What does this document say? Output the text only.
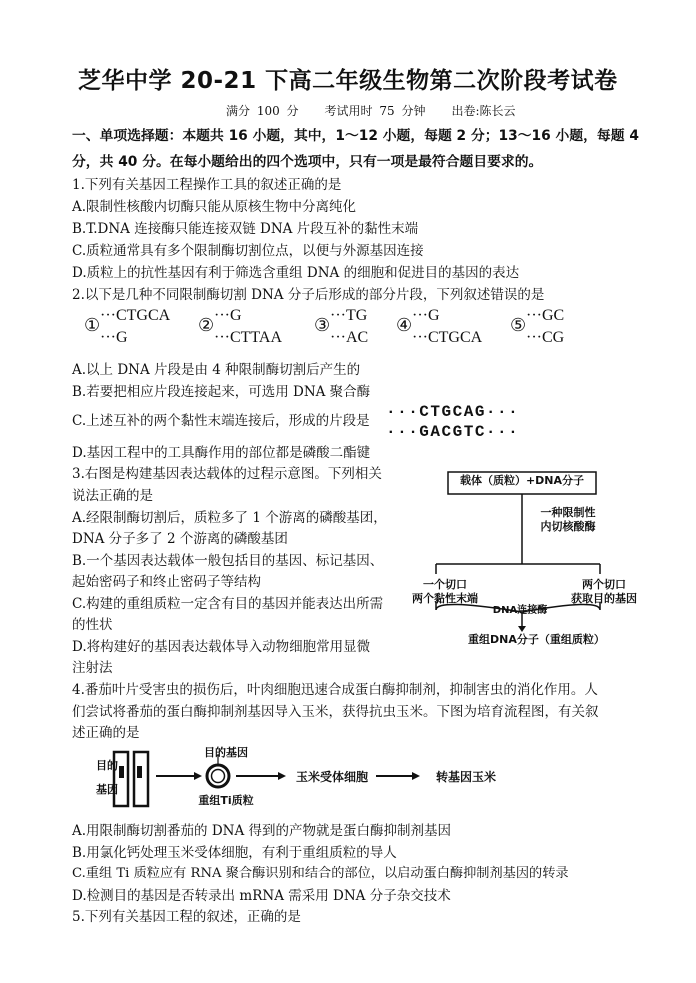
芝华中学 20-21 下高二年级生物第二次阶段考试卷
满分 100 分 考试用时 75 分钟 出卷:陈长云
一、单项选择题：本题共 16 小题，其中，1～12 小题，每题 2 分；13～16 小题，每题 4
分，共 40 分。在每小题给出的四个选项中，只有一项是最符合题目要求的。
1.下列有关基因工程操作工具的叙述正确的是
A.限制性核酸内切酶只能从原核生物中分离纯化
B.T.DNA 连接酶只能连接双链 DNA 片段互补的黏性末端
C.质粒通常具有多个限制酶切割位点，以便与外源基因连接
D.质粒上的抗性基因有利于筛选含重组 DNA 的细胞和促进目的基因的表达
2.以下是几种不同限制酶切割 DNA 分子后形成的部分片段，下列叙述错误的是
① ···CTGCA
···G
② ···G
···CTTAA
③ ···TG
···AC
④ ···G
···CTGCA
⑤ ···GC
···CG
A.以上 DNA 片段是由 4 种限制酶切割后产生的
B.若要把相应片段连接起来，可选用 DNA 聚合酶
C.上述互补的两个黏性末端连接后，形成的片段是 ···CTGCAG···
···GACGTC···
D.基因工程中的工具酶作用的部位都是磷酸二酯键
3.右图是构建基因表达载体的过程示意图。下列相关
说法正确的是
A.经限制酶切割后，质粒多了 1 个游离的磷酸基团，
DNA 分子多了 2 个游离的磷酸基团
B.一个基因表达载体一般包括目的基因、标记基因、
起始密码子和终止密码子等结构
C.构建的重组质粒一定含有目的基因并能表达出所需
的性状
D.将构建好的基因表达载体导入动物细胞常用显微
注射法
载体（质粒）+DNA分子
一种限制性
内切核酸酶
一个切口
两个黏性末端
两个切口
获取目的基因
DNA连接酶
重组DNA分子（重组质粒）
4.番茄叶片受害虫的损伤后，叶肉细胞迅速合成蛋白酶抑制剂，抑制害虫的消化作用。人
们尝试将番茄的蛋白酶抑制剂基因导入玉米，获得抗虫玉米。下图为培育流程图，有关叙
述正确的是
目的
基因
目的基因
重组Ti质粒
玉米受体细胞	转基因玉米
A.用限制酶切割番茄的 DNA 得到的产物就是蛋白酶抑制剂基因
B.用氯化钙处理玉米受体细胞，有利于重组质粒的导人
C.重组 Ti 质粒应有 RNA 聚合酶识别和结合的部位，以启动蛋白酶抑制剂基因的转录
D.检测目的基因是否转录出 mRNA 需采用 DNA 分子杂交技术
5.下列有关基因工程的叙述，正确的是
